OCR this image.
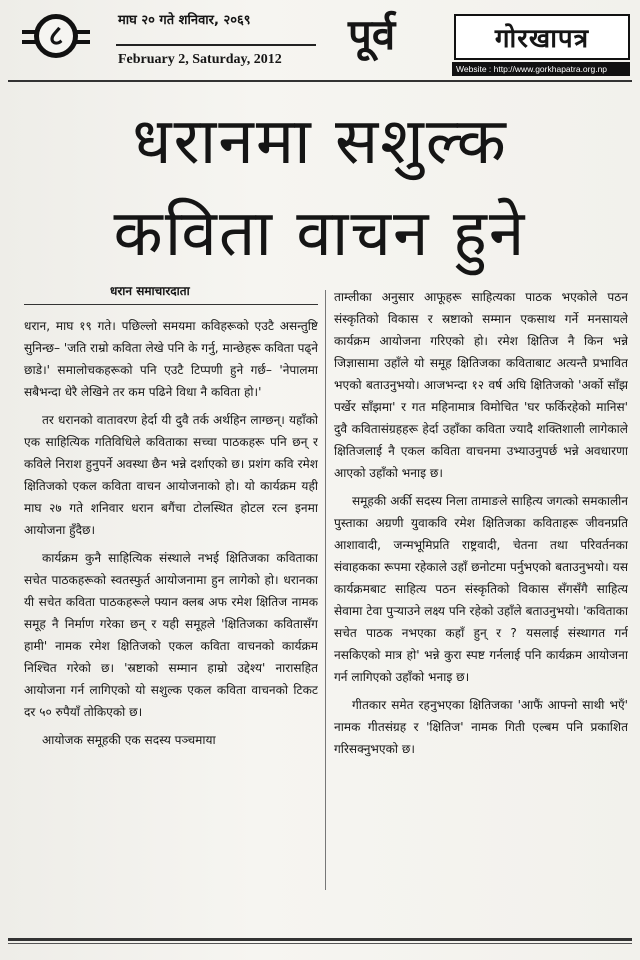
८	माघ २० गते शनिवार, २०६९
February 2, Saturday, 2012
पूर्व	गोरखापत्र
Website : http://www.gorkhapatra.org.np
धरानमा सशुल्क
कविता वाचन हुने
धरान समाचारदाता

धरान, माघ १९ गते। पछिल्लो समयमा कविहरूको एउटै असन्तुष्टि सुनिन्छ– 'जति राम्रो कविता लेखे पनि के गर्नु, मान्छेहरू कविता पढ्ने छाडे।' समालोचकहरूको पनि एउटै टिप्पणी हुने गर्छ– 'नेपालमा सबैभन्दा धेरै लेखिने तर कम पढिने विधा नै कविता हो।'

तर धरानको वातावरण हेर्दा यी दुवै तर्क अर्थहिन लाग्छन्। यहाँको एक साहित्यिक गतिविधिले कविताका सच्चा पाठकहरू पनि छन् र कविले निराश हुनुपर्ने अवस्था छैन भन्ने दर्शाएको छ। प्रशंग कवि रमेश क्षितिजको एकल कविता वाचन आयोजनाको हो। यो कार्यक्रम यही माघ २७ गते शनिवार धरान बगैंचा टोलस्थित होटल रत्न इनमा आयोजना हुँदैछ।

कार्यक्रम कुनै साहित्यिक संस्थाले नभई क्षितिजका कविताका सचेत पाठकहरूको स्वतस्फुर्त आयोजनामा हुन लागेको हो। धरानका यी सचेत कविता पाठकहरूले फ्यान क्लब अफ रमेश क्षितिज नामक समूह नै निर्माण गरेका छन् र यही समूहले 'क्षितिजका कवितासँग हामी' नामक रमेश क्षितिजको एकल कविता वाचनको कार्यक्रम निश्चित गरेको छ। 'स्रष्टाको सम्मान हाम्रो उद्देश्य' नारासहित आयोजना गर्न लागिएको यो सशुल्क एकल कविता वाचनको टिकट दर ५० रुपैयाँ तोकिएको छ।

आयोजक समूहकी एक सदस्य पञ्चमाया

ताम्लीका अनुसार आफूहरू साहित्यका पाठक भएकोले पठन संस्कृतिको विकास र स्रष्टाको सम्मान एकसाथ गर्ने मनसायले कार्यक्रम आयोजना गरिएको हो। रमेश क्षितिज नै किन भन्ने जिज्ञासामा उहाँले यो समूह क्षितिजका कविताबाट अत्यन्तै प्रभावित भएको बताउनुभयो। आजभन्दा १२ वर्ष अघि क्षितिजको 'अर्को साँझ पर्खेर साँझमा' र गत महिनामात्र विमोचित 'घर फर्किरहेको मानिस' दुवै कवितासंग्रहहरू हेर्दा उहाँका कविता ज्यादै शक्तिशाली लागेकाले क्षितिजलाई नै एकल कविता वाचनमा उभ्याउनुपर्छ भन्ने अवधारणा आएको उहाँको भनाइ छ।

समूहकी अर्की सदस्य निला तामाङले साहित्य जगत्को समकालीन पुस्ताका अग्रणी युवाकवि रमेश क्षितिजका कविताहरू जीवनप्रति आशावादी, जन्मभूमिप्रति राष्ट्रवादी, चेतना तथा परिवर्तनका संवाहकका रूपमा रहेकाले उहाँ छनोटमा पर्नुभएको बताउनुभयो। यस कार्यक्रमबाट साहित्य पठन संस्कृतिको विकास सँगसँगै साहित्य सेवामा टेवा पुऱ्याउने लक्ष्य पनि रहेको उहाँले बताउनुभयो। 'कविताका सचेत पाठक नभएका कहाँ हुन् र ? यसलाई संस्थागत गर्न नसकिएको मात्र हो' भन्ने कुरा स्पष्ट गर्नलाई पनि कार्यक्रम आयोजना गर्न लागिएको उहाँको भनाइ छ।

गीतकार समेत रहनुभएका क्षितिजका 'आफैं आफ्नो साथी भएँ' नामक गीतसंग्रह र 'क्षितिज' नामक गिती एल्बम पनि प्रकाशित गरिसक्नुभएको छ।
